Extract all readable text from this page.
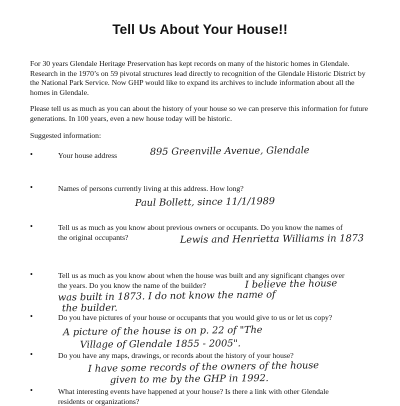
Tell Us About Your House!!
For 30 years Glendale Heritage Preservation has kept records on many of the historic homes in Glendale. Research in the 1970’s on 59 pivotal structures lead directly to recognition of the Glendale Historic District by the National Park Service. Now GHP would like to expand its archives to include information about all the homes in Glendale.
Please tell us as much as you can about the history of your house so we can preserve this information for future generations. In 100 years, even a new house today will be historic.
Suggested information:
•	Your house address	895 Greenville Avenue, Glendale
•	Names of persons currently living at this address. How long?
Paul Bollett, since 11/1/1989
•	Tell us as much as you know about previous owners or occupants. Do you know the names of the original occupants?	Lewis and Henrietta Williams in 1873
•	Tell us as much as you know about when the house was built and any significant changes over the years. Do you know the name of the builder?	I believe the house
was built in 1873. I do not know the name of
the builder.
•	Do you have pictures of your house or occupants that you would give to us or let us copy?
A picture of the house is on p. 22 of "The
Village of Glendale 1855 - 2005".
•	Do you have any maps, drawings, or records about the history of your house?
I have some records of the owners of the house
given to me by the GHP in 1992.
•	What interesting events have happened at your house? Is there a link with other Glendale residents or organizations?
